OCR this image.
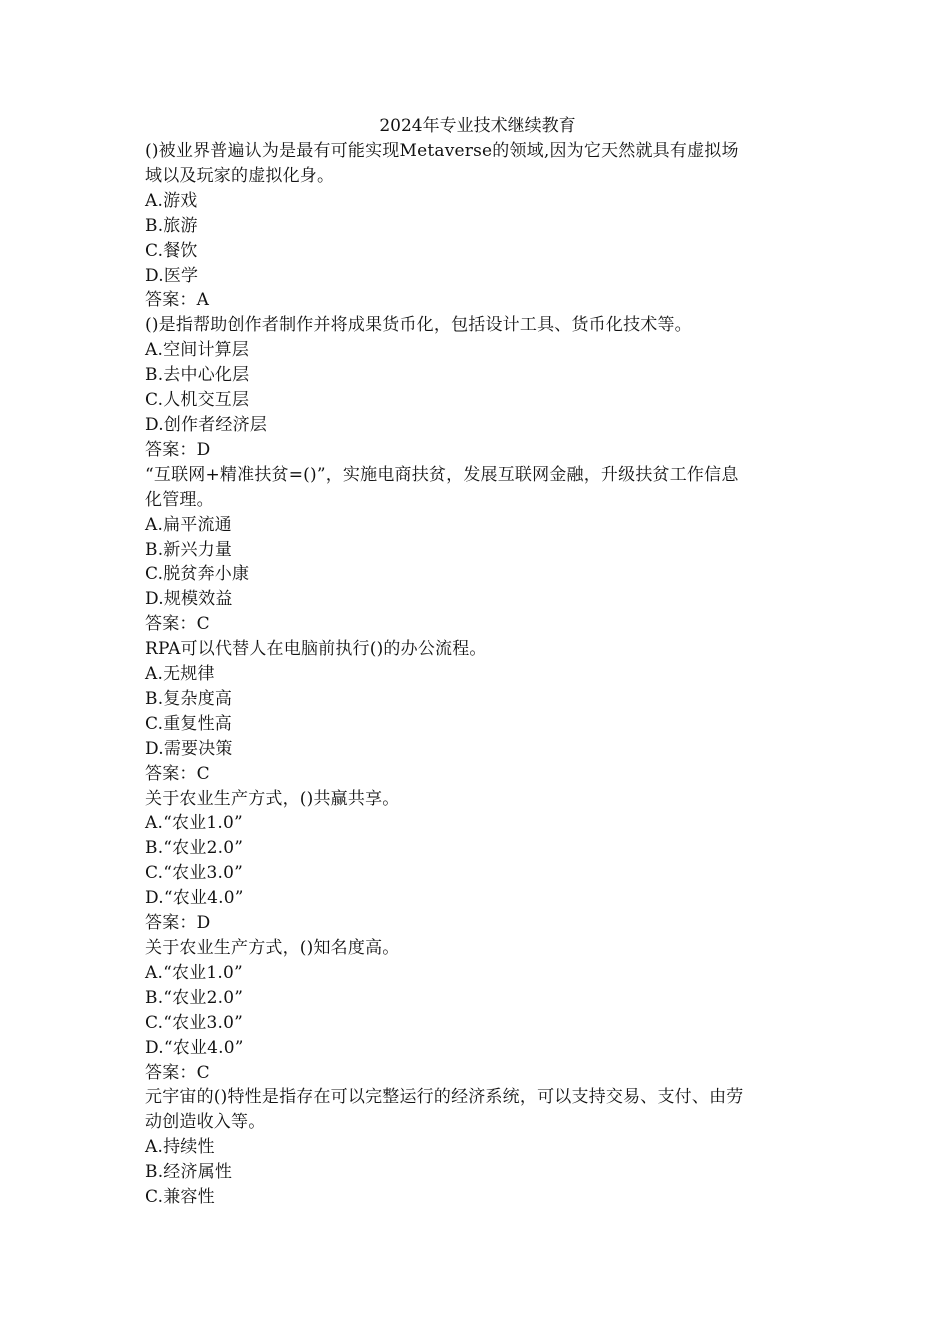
2024年专业技术继续教育
()被业界普遍认为是最有可能实现Metaverse的领域,因为它天然就具有虚拟场
域以及玩家的虚拟化身。
A.游戏
B.旅游
C.餐饮
D.医学
答案：A
()是指帮助创作者制作并将成果货币化，包括设计工具、货币化技术等。
A.空间计算层
B.去中心化层
C.人机交互层
D.创作者经济层
答案：D
“互联网+精准扶贫=()”，实施电商扶贫，发展互联网金融，升级扶贫工作信息
化管理。
A.扁平流通
B.新兴力量
C.脱贫奔小康
D.规模效益
答案：C
RPA可以代替人在电脑前执行()的办公流程。
A.无规律
B.复杂度高
C.重复性高
D.需要决策
答案：C
关于农业生产方式，()共赢共享。
A.“农业1.0”
B.“农业2.0”
C.“农业3.0”
D.“农业4.0”
答案：D
关于农业生产方式，()知名度高。
A.“农业1.0”
B.“农业2.0”
C.“农业3.0”
D.“农业4.0”
答案：C
元宇宙的()特性是指存在可以完整运行的经济系统，可以支持交易、支付、由劳
动创造收入等。
A.持续性
B.经济属性
C.兼容性
